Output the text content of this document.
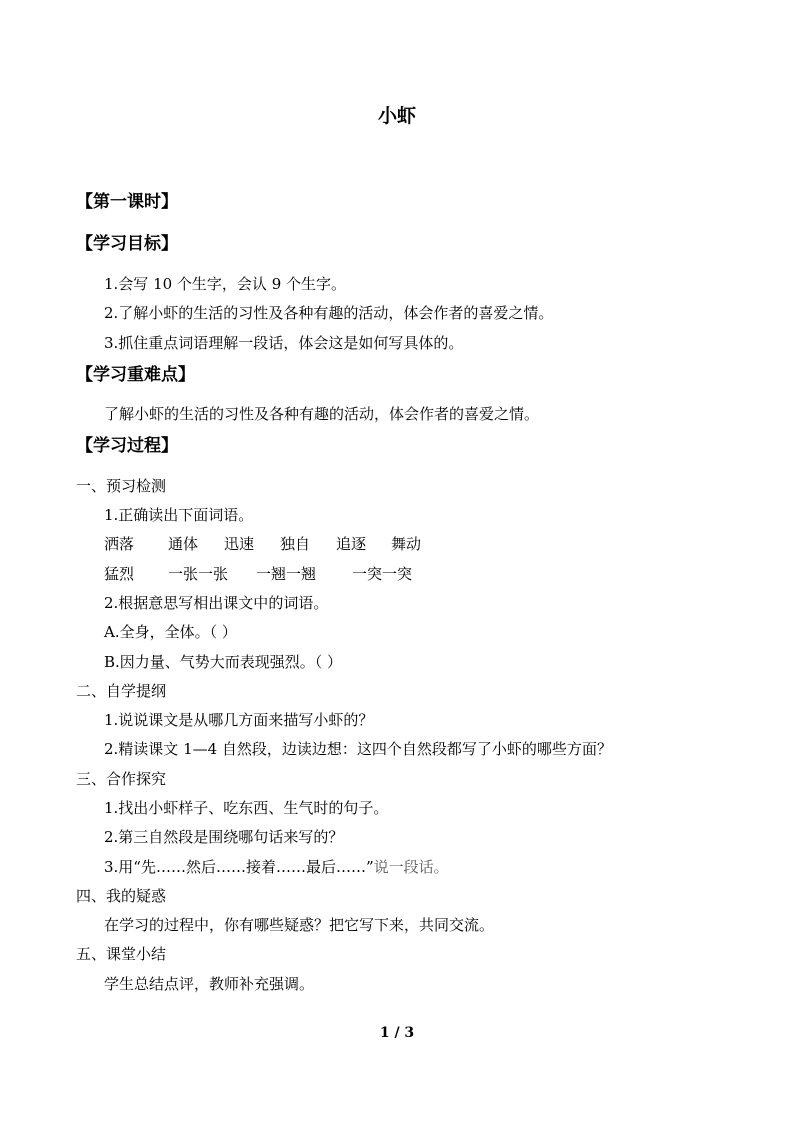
小虾
【第一课时】
【学习目标】
1.会写 10 个生字，会认 9 个生字。
2.了解小虾的生活的习性及各种有趣的活动，体会作者的喜爱之情。
3.抓住重点词语理解一段话，体会这是如何写具体的。
【学习重难点】
了解小虾的生活的习性及各种有趣的活动，体会作者的喜爱之情。
【学习过程】
一、预习检测
1.正确读出下面词语。
洒落 通体 迅速 独自 追逐 舞动
猛烈 一张一张 一翘一翘 一突一突
2.根据意思写相出课文中的词语。
A.全身，全体。（ ）
B.因力量、气势大而表现强烈。（ ）
二、自学提纲
1.说说课文是从哪几方面来描写小虾的？
2.精读课文 1—4 自然段，边读边想：这四个自然段都写了小虾的哪些方面？
三、合作探究
1.找出小虾样子、吃东西、生气时的句子。
2.第三自然段是围绕哪句话来写的？
3.用“先……然后……接着……最后……”说一段话。
四、我的疑惑
在学习的过程中，你有哪些疑惑？把它写下来，共同交流。
五、课堂小结
学生总结点评，教师补充强调。
1 / 3
